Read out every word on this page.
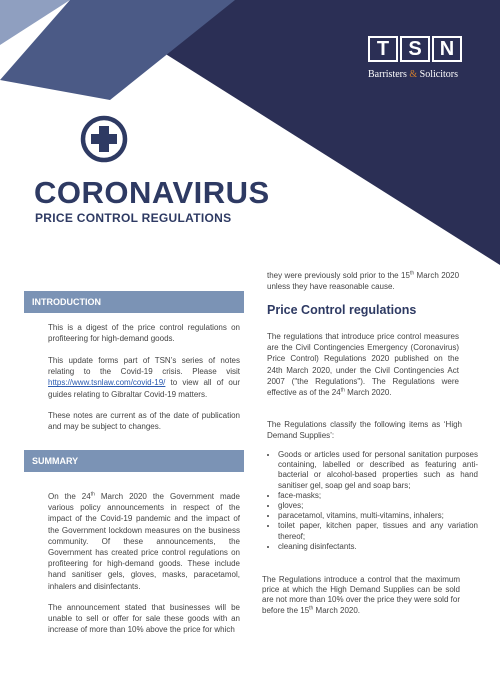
T S N
Barristers & Solicitors
CORONAVIRUS
PRICE CONTROL REGULATIONS
INTRODUCTION
This is a digest of the price control regulations on profiteering for high-demand goods.
This update forms part of TSN’s series of notes relating to the Covid-19 crisis. Please visit https://www.tsnlaw.com/covid-19/ to view all of our guides relating to Gibraltar Covid-19 matters.
These notes are current as of the date of publication and may be subject to changes.
SUMMARY
On the 24th March 2020 the Government made various policy announcements in respect of the impact of the Covid-19 pandemic and the impact of the Government lockdown measures on the business community. Of these announcements, the Government has created price control regulations on profiteering for high-demand goods. These include hand sanitiser gels, gloves, masks, paracetamol, inhalers and disinfectants.
The announcement stated that businesses will be unable to sell or offer for sale these goods with an increase of more than 10% above the price for which
they were previously sold prior to the 15th March 2020 unless they have reasonable cause.
Price Control regulations
The regulations that introduce price control measures are the Civil Contingencies Emergency (Coronavirus) Price Control) Regulations 2020 published on the 24th March 2020, under the Civil Contingencies Act 2007 ("the Regulations"). The Regulations were effective as of the 24th March 2020.
The Regulations classify the following items as ‘High Demand Supplies’:
• Goods or articles used for personal sanitation purposes containing, labelled or described as featuring anti-bacterial or alcohol-based properties such as hand sanitiser gel, soap gel and soap bars;
• face-masks;
• gloves;
• paracetamol, vitamins, multi-vitamins, inhalers;
• toilet paper, kitchen paper, tissues and any variation thereof;
• cleaning disinfectants.
The Regulations introduce a control that the maximum price at which the High Demand Supplies can be sold are not more than 10% over the price they were sold for before the 15th March 2020.
